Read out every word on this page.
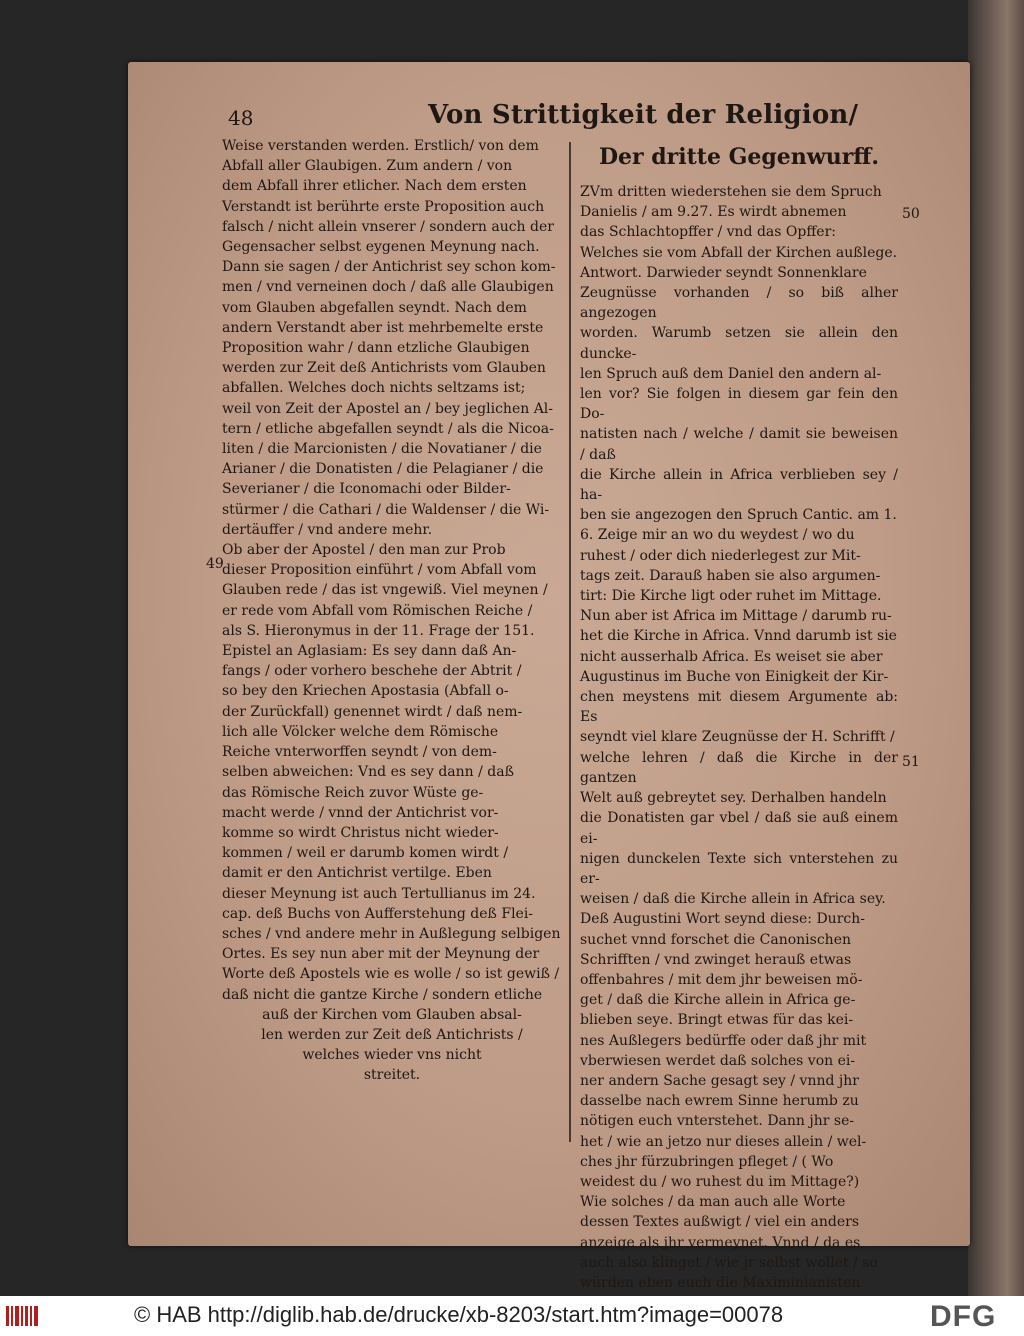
48	Von Strittigkeit der Religion/

Weise verstanden werden. Erstlich/ von dem

Abfall aller Glaubigen. Zum andern / von

dem Abfall ihrer etlicher. Nach dem ersten

Verstandt ist berührte erste Proposition auch

falsch / nicht allein vnserer / sondern auch der

Gegensacher selbst eygenen Meynung nach.

Dann sie sagen / der Antichrist sey schon kom-

men / vnd verneinen doch / daß alle Glaubigen

vom Glauben abgefallen seyndt. Nach dem

andern Verstandt aber ist mehrbemelte erste

Proposition wahr / dann etzliche Glaubigen

werden zur Zeit deß Antichrists vom Glauben

abfallen. Welches doch nichts seltzams ist;

weil von Zeit der Apostel an / bey jeglichen Al-

tern / etliche abgefallen seyndt / als die Nicoa-

liten / die Marcionisten / die Novatianer / die

Arianer / die Donatisten / die Pelagianer / die

Severianer / die Iconomachi oder Bilder-

stürmer / die Cathari / die Waldenser / die Wi-

dertäuffer / vnd andere mehr.

Ob aber der Apostel / den man zur Prob

dieser Proposition einführt / vom Abfall vom

Glauben rede / das ist vngewiß. Viel meynen /

er rede vom Abfall vom Römischen Reiche /

als S. Hieronymus in der 11. Frage der 151.

Epistel an Aglasiam: Es sey dann daß An-

fangs / oder vorhero beschehe der Abtrit /

so bey den Kriechen Apostasia (Abfall o-

der Zurückfall) genennet wirdt / daß nem-

lich alle Völcker welche dem Römische

Reiche vnterworffen seyndt / von dem-

selben abweichen: Vnd es sey dann / daß

das Römische Reich zuvor Wüste ge-

macht werde / vnnd der Antichrist vor-

komme so wirdt Christus nicht wieder-

kommen / weil er darumb komen wirdt /

damit er den Antichrist vertilge. Eben

dieser Meynung ist auch Tertullianus im 24.

cap. deß Buchs von Aufferstehung deß Flei-

sches / vnd andere mehr in Außlegung selbigen

Ortes. Es sey nun aber mit der Meynung der

Worte deß Apostels wie es wolle / so ist gewiß /

daß nicht die gantze Kirche / sondern etliche

auß der Kirchen vom Glauben absal-

len werden zur Zeit deß Antichrists /

welches wieder vns nicht

streitet.

Der dritte Gegenwurff.

ZVm dritten wiederstehen sie dem Spruch

Danielis / am 9.27. Es wirdt abnemen

das Schlachtopffer / vnd das Opffer:

Welches sie vom Abfall der Kirchen außlege.

Antwort. Darwieder seyndt Sonnenklare

Zeugnüsse vorhanden / so biß alher angezogen

worden. Warumb setzen sie allein den duncke-

len Spruch auß dem Daniel den andern al-

len vor? Sie folgen in diesem gar fein den Do-

natisten nach / welche / damit sie beweisen / daß

die Kirche allein in Africa verblieben sey / ha-

ben sie angezogen den Spruch Cantic. am 1.

6. Zeige mir an wo du weydest / wo du

ruhest / oder dich niederlegest zur Mit-

tags zeit. Darauß haben sie also argumen-

tirt: Die Kirche ligt oder ruhet im Mittage.

Nun aber ist Africa im Mittage / darumb ru-

het die Kirche in Africa. Vnnd darumb ist sie

nicht ausserhalb Africa. Es weiset sie aber

Augustinus im Buche von Einigkeit der Kir-

chen meystens mit diesem Argumente ab: Es

seyndt viel klare Zeugnüsse der H. Schrifft /

welche lehren / daß die Kirche in der gantzen

Welt auß gebreytet sey. Derhalben handeln

die Donatisten gar vbel / daß sie auß einem ei-

nigen dunckelen Texte sich vnterstehen zu er-

weisen / daß die Kirche allein in Africa sey.

Deß Augustini Wort seynd diese: Durch-

suchet vnnd forschet die Canonischen

Schrifften / vnd zwinget herauß etwas

offenbahres / mit dem jhr beweisen mö-

get / daß die Kirche allein in Africa ge-

blieben seye. Bringt etwas für das kei-

nes Außlegers bedürffe oder daß jhr mit

vberwiesen werdet daß solches von ei-

ner andern Sache gesagt sey / vnnd jhr

dasselbe nach ewrem Sinne herumb zu

nötigen euch vnterstehet. Dann jhr se-

het / wie an jetzo nur dieses allein / wel-

ches jhr fürzubringen pfleget / ( Wo

weidest du / wo ruhest du im Mittage?)

Wie solches / da man auch alle Worte

dessen Textes außwigt / viel ein anders

anzeige als jhr vermeynet. Vnnd / da es

auch also klinget / wie jr selbst wollet / so

würden eben euch die Maximinianisten

49
50
51
© HAB http://diglib.hab.de/drucke/xb-8203/start.htm?image=00078	DFG
